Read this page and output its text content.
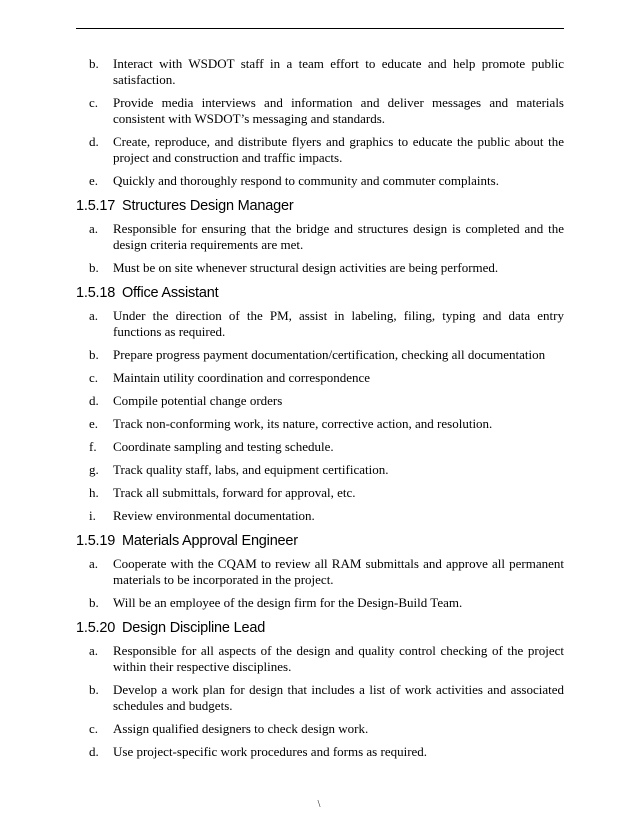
b.	Interact with WSDOT staff in a team effort to educate and help promote public satisfaction.
c.	Provide media interviews and information and deliver messages and materials consistent with WSDOT’s messaging and standards.
d.	Create, reproduce, and distribute flyers and graphics to educate the public about the project and construction and traffic impacts.
e.	Quickly and thoroughly respond to community and commuter complaints.
1.5.17 Structures Design Manager
a.	Responsible for ensuring that the bridge and structures design is completed and the design criteria requirements are met.
b.	Must be on site whenever structural design activities are being performed.
1.5.18 Office Assistant
a.	Under the direction of the PM, assist in labeling, filing, typing and data entry functions as required.
b.	Prepare progress payment documentation/certification, checking all documentation
c.	Maintain utility coordination and correspondence
d.	Compile potential change orders
e.	Track non-conforming work, its nature, corrective action, and resolution.
f.	Coordinate sampling and testing schedule.
g.	Track quality staff, labs, and equipment certification.
h.	Track all submittals, forward for approval, etc.
i.	Review environmental documentation.
1.5.19 Materials Approval Engineer
a.	Cooperate with the CQAM to review all RAM submittals and approve all permanent materials to be incorporated in the project.
b.	Will be an employee of the design firm for the Design-Build Team.
1.5.20 Design Discipline Lead
a.	Responsible for all aspects of the design and quality control checking of the project within their respective disciplines.
b.	Develop a work plan for design that includes a list of work activities and associated schedules and budgets.
c.	Assign qualified designers to check design work.
d.	Use project-specific work procedures and forms as required.
\
